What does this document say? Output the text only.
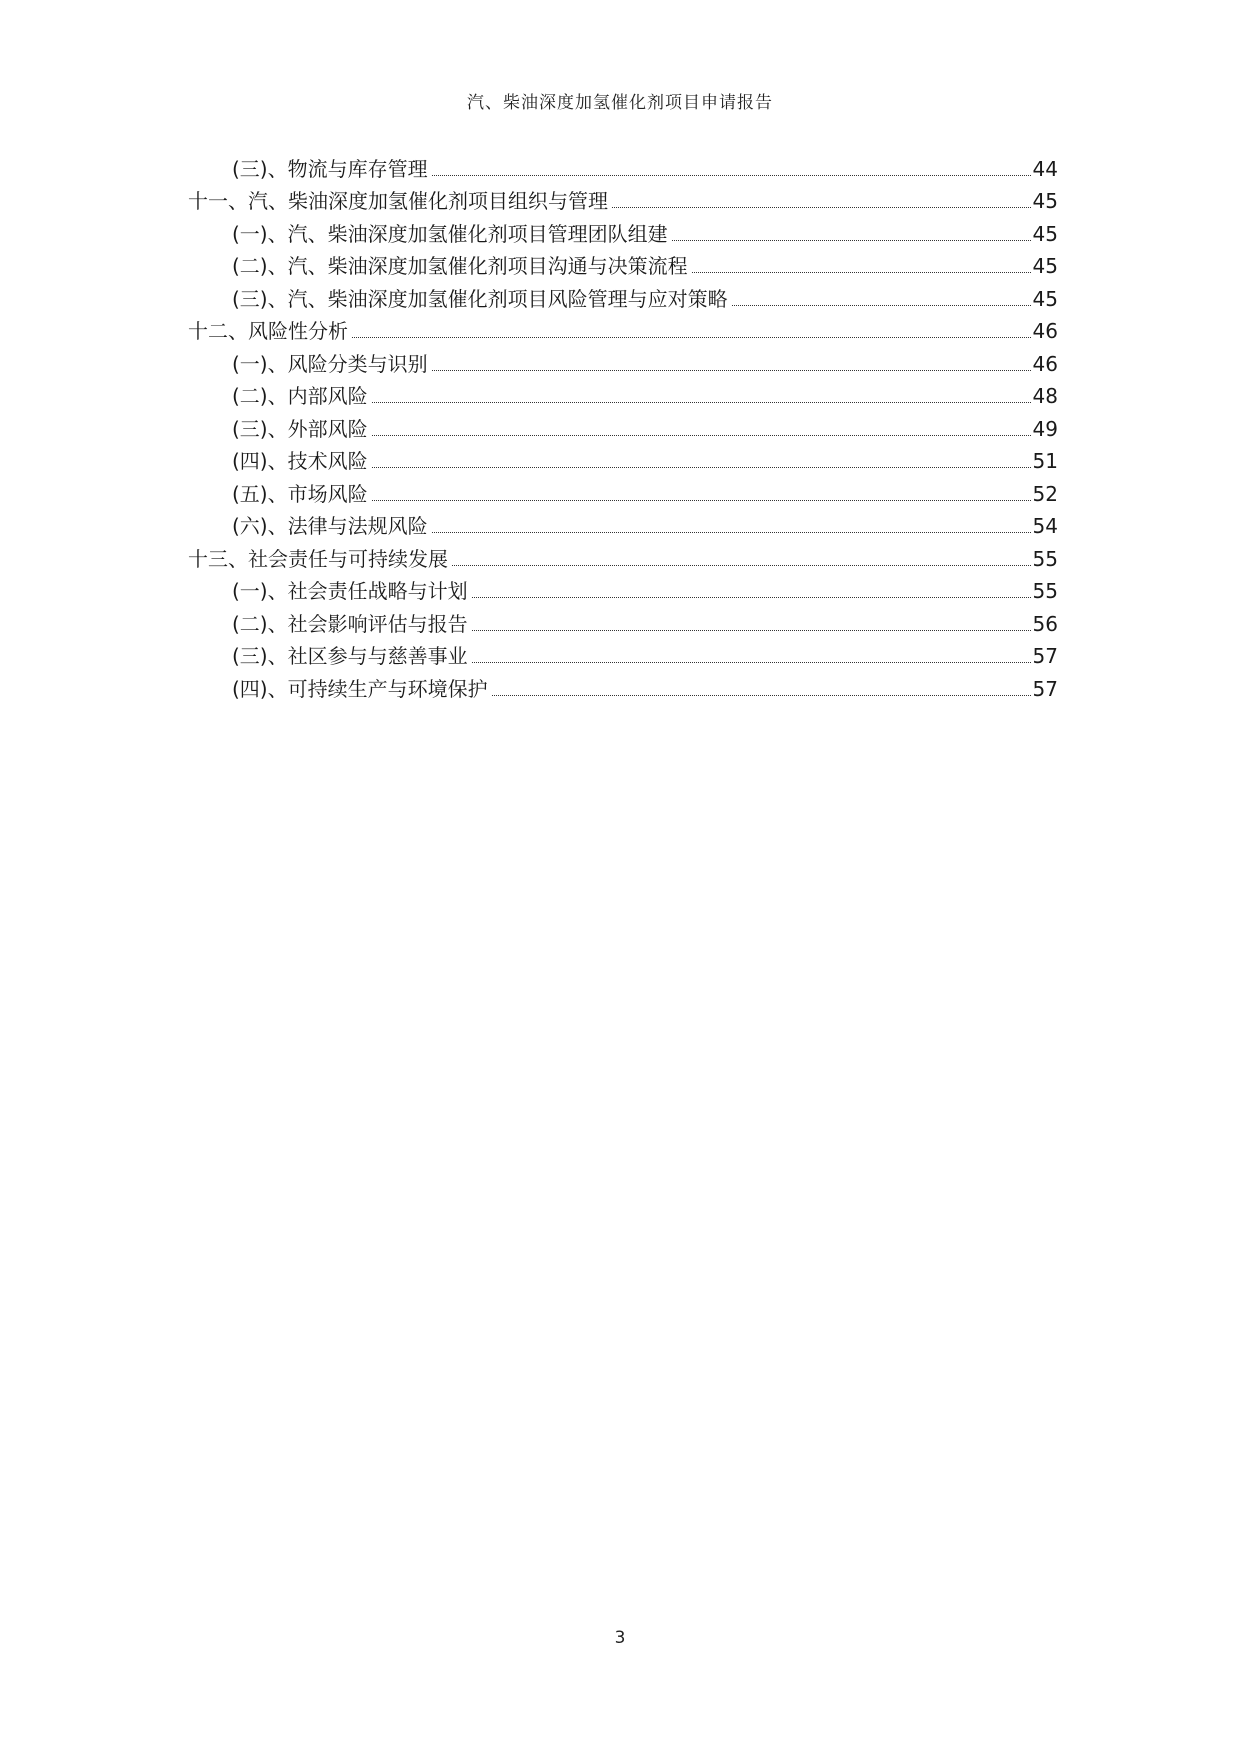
汽、柴油深度加氢催化剂项目申请报告
(三)、物流与库存管理	44
十一、汽、柴油深度加氢催化剂项目组织与管理	45
(一)、汽、柴油深度加氢催化剂项目管理团队组建	45
(二)、汽、柴油深度加氢催化剂项目沟通与决策流程	45
(三)、汽、柴油深度加氢催化剂项目风险管理与应对策略	45
十二、风险性分析	46
(一)、风险分类与识别	46
(二)、内部风险	48
(三)、外部风险	49
(四)、技术风险	51
(五)、市场风险	52
(六)、法律与法规风险	54
十三、社会责任与可持续发展	55
(一)、社会责任战略与计划	55
(二)、社会影响评估与报告	56
(三)、社区参与与慈善事业	57
(四)、可持续生产与环境保护	57
3
